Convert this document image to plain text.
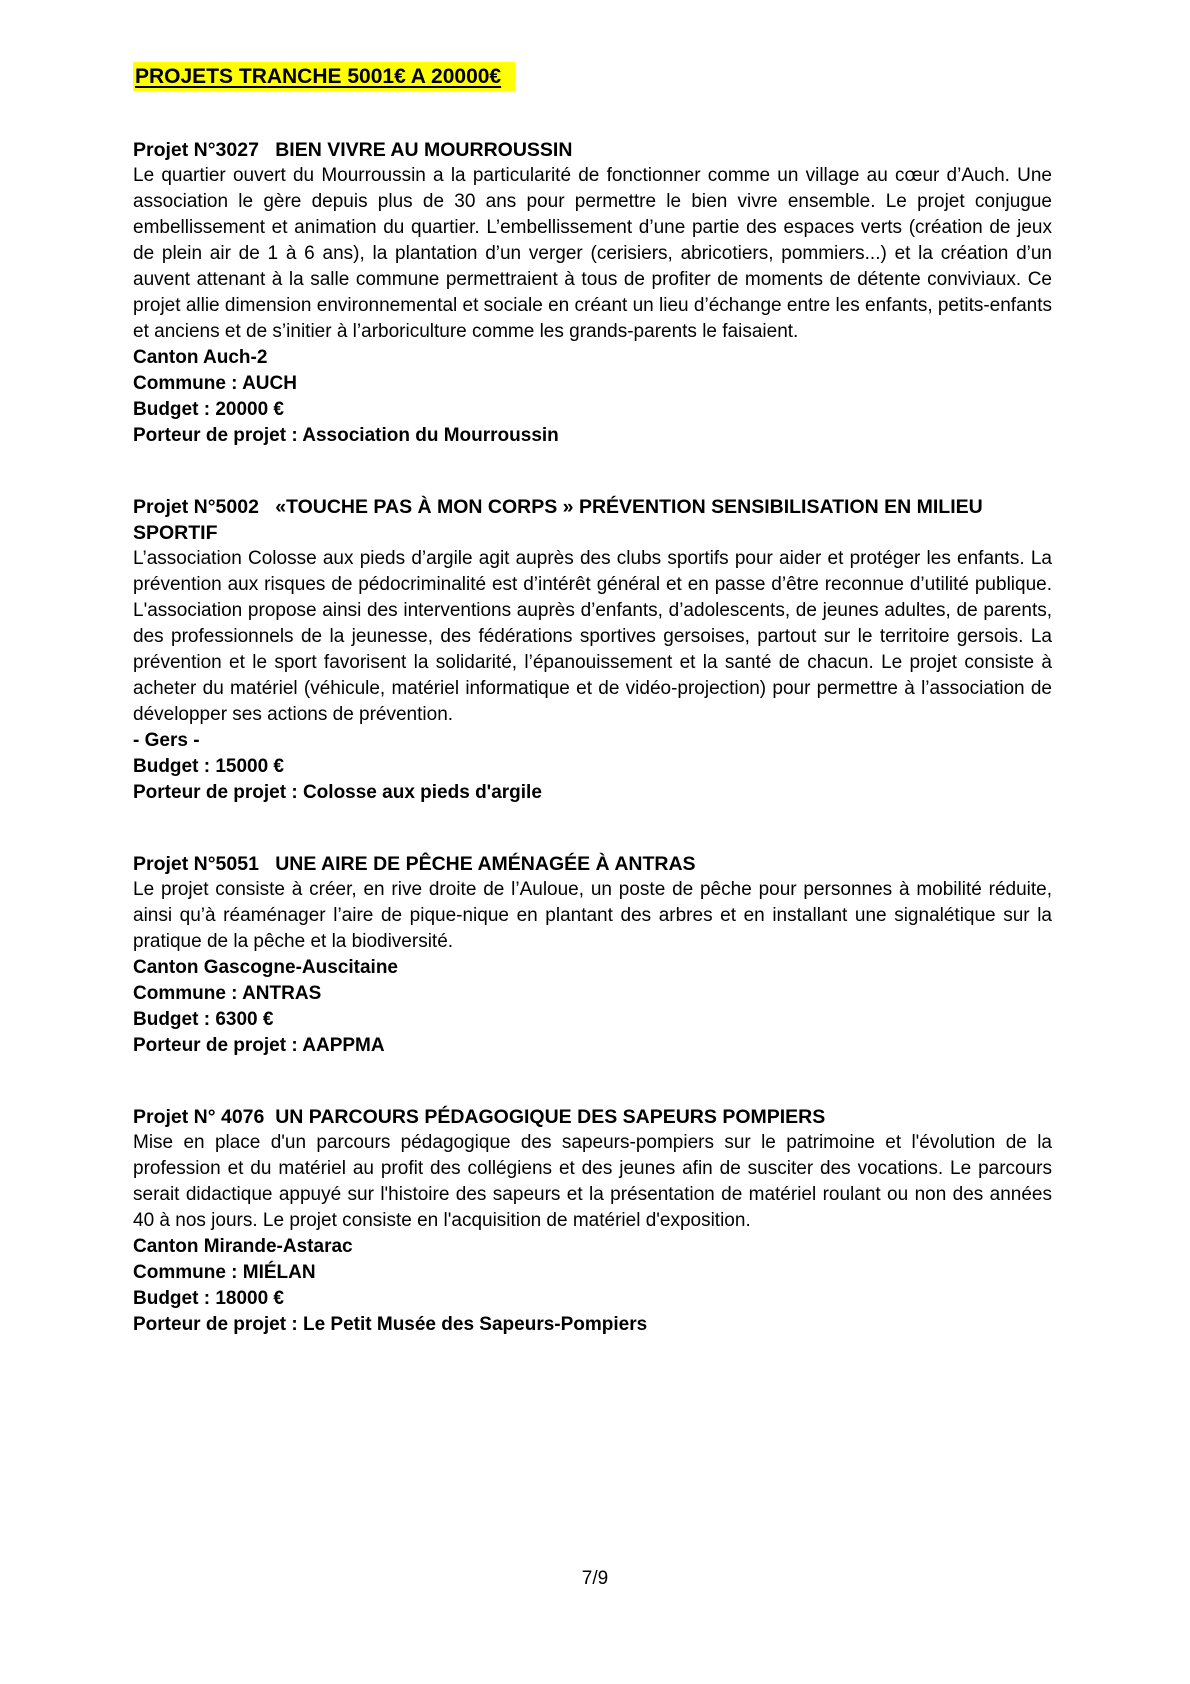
PROJETS TRANCHE 5001€ A 20000€
Projet N°3027   BIEN VIVRE AU MOURROUSSIN

Le quartier ouvert du Mourroussin a la particularité de fonctionner comme un village au cœur d’Auch. Une association le gère depuis plus de 30 ans pour permettre le bien vivre ensemble. Le projet conjugue embellissement et animation du quartier. L’embellissement d’une partie des espaces verts (création de jeux de plein air de 1 à 6 ans), la plantation d’un verger (cerisiers, abricotiers, pommiers...) et la création d’un auvent attenant à la salle commune permettraient à tous de profiter de moments de détente conviviaux. Ce projet allie dimension environnemental et sociale en créant un lieu d’échange entre les enfants, petits-enfants et anciens et de s’initier à l’arboriculture comme les grands-parents le faisaient.

Canton Auch-2
Commune : AUCH
Budget : 20000 €
Porteur de projet : Association du Mourroussin
Projet N°5002   «TOUCHE PAS À MON CORPS » PRÉVENTION SENSIBILISATION EN MILIEU SPORTIF

L’association Colosse aux pieds d’argile agit auprès des clubs sportifs pour aider et protéger les enfants. La prévention aux risques de pédocriminalité est d’intérêt général et en passe d’être reconnue d’utilité publique. L'association propose ainsi des interventions auprès d’enfants, d’adolescents, de jeunes adultes, de parents, des professionnels de la jeunesse, des fédérations sportives gersoises, partout sur le territoire gersois. La prévention et le sport favorisent la solidarité, l’épanouissement et la santé de chacun. Le projet consiste à acheter du matériel (véhicule, matériel informatique et de vidéo-projection) pour permettre à l’association de développer ses actions de prévention.

- Gers -
Budget : 15000 €
Porteur de projet : Colosse aux pieds d'argile
Projet N°5051   UNE AIRE DE PÊCHE AMÉNAGÉE À ANTRAS

Le projet consiste à créer, en rive droite de l’Auloue, un poste de pêche pour personnes à mobilité réduite, ainsi qu’à réaménager l’aire de pique-nique en plantant des arbres et en installant une signalétique sur la pratique de la pêche et la biodiversité.

Canton Gascogne-Auscitaine
Commune : ANTRAS
Budget : 6300 €
Porteur de projet : AAPPMA
Projet N° 4076  UN PARCOURS PÉDAGOGIQUE DES SAPEURS POMPIERS

Mise en place d'un parcours pédagogique des sapeurs-pompiers sur le patrimoine et l'évolution de la profession et du matériel au profit des collégiens et des jeunes afin de susciter des vocations. Le parcours serait didactique appuyé sur l'histoire des sapeurs et la présentation de matériel roulant ou non des années 40 à nos jours. Le projet consiste en l'acquisition de matériel d'exposition.

Canton Mirande-Astarac
Commune : MIÉLAN
Budget : 18000 €
Porteur de projet : Le Petit Musée des Sapeurs-Pompiers
7/9
